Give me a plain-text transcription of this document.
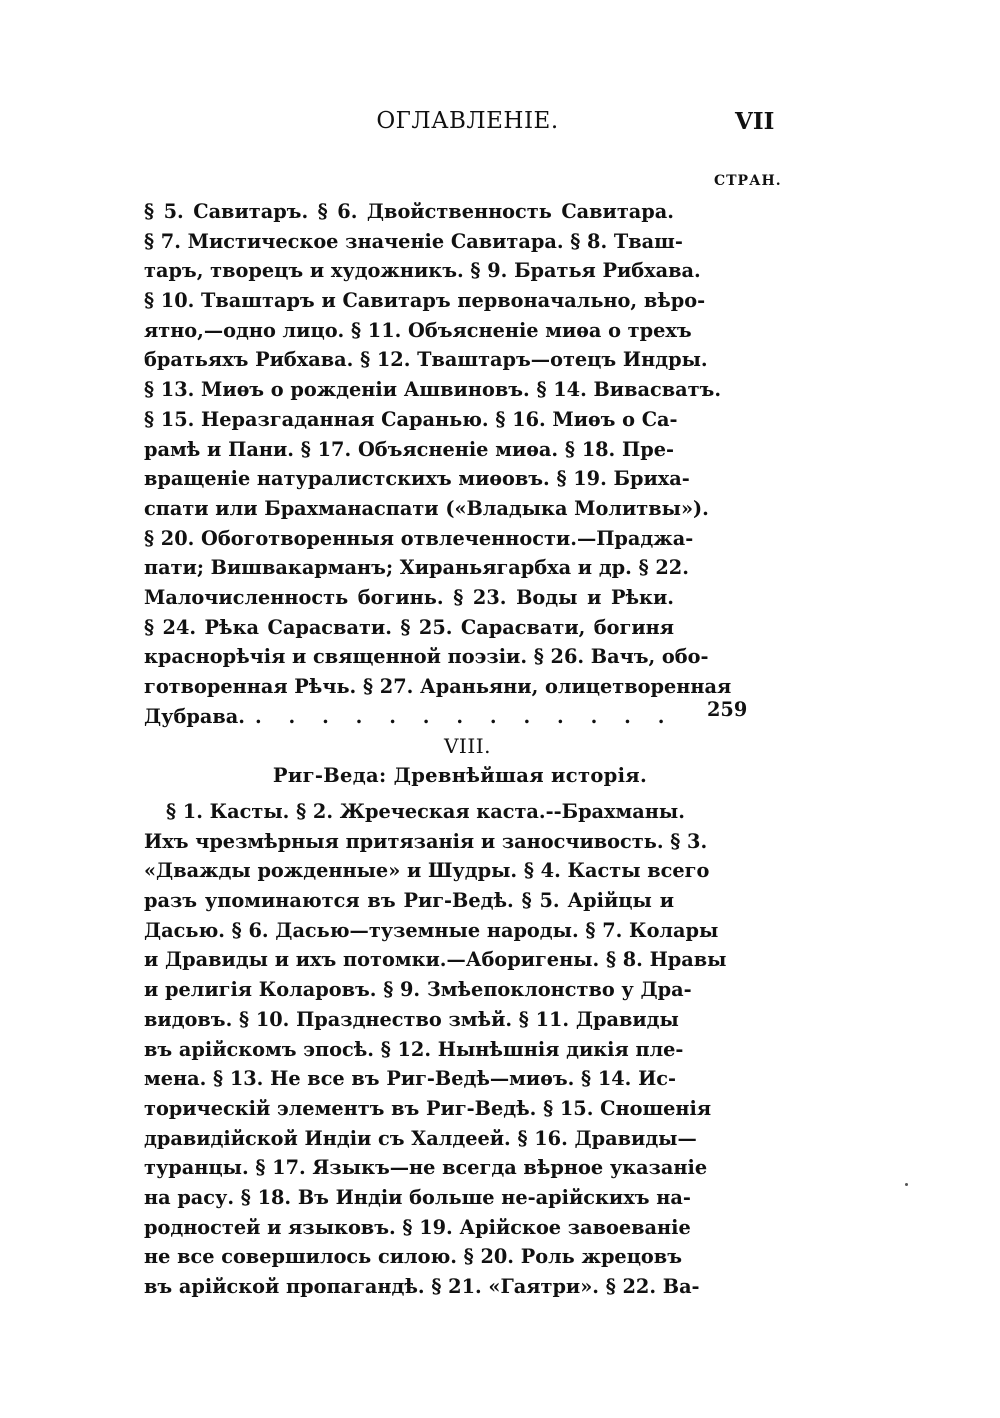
ОГЛАВЛЕНIЕ.	VII
СТРАН.
§ 5. Савитаръ. § 6. Двойственность Савитара.
§ 7. Мистическое значенiе Савитара. § 8. Тваш-
таръ, творецъ и художникъ. § 9. Братья Рибхава.
§ 10. Тваштаръ и Савитаръ первоначально, вѣро-
ятно,—одно лицо. § 11. Объясненiе миѳа о трехъ
братьяхъ Рибхава. § 12. Тваштаръ—отецъ Индры.
§ 13. Миѳъ о рожденiи Ашвиновъ. § 14. Вивасватъ.
§ 15. Неразгаданная Саранью. § 16. Миѳъ о Са-
рамѣ и Пани. § 17. Объясненiе миѳа. § 18. Пре-
вращенiе натуралистскихъ миѳовъ. § 19. Бриха-
спати или Брахманаспати («Владыка Молитвы»).
§ 20. Обоготворенныя отвлеченности.—Праджа-
пати; Вишвакарманъ; Хираньягарбха и др. § 22.
Малочисленность богинь. § 23. Воды и Рѣки.
§ 24. Рѣка Сарасвати. § 25. Сарасвати, богиня
краснорѣчiя и священной поэзiи. § 26. Вачъ, обо-
готворенная Рѣчь. § 27. Араньяни, олицетворенная
Дубрава.
.	259
VIII.
Риг-Веда: Древнѣйшая исторiя.
§ 1. Касты. § 2. Жреческая каста.--Брахманы.
Ихъ чрезмѣрныя притязанiя и заносчивость. § 3.
«Дважды рожденные» и Шудры. § 4. Касты всего
разъ упоминаются въ Риг-Ведѣ. § 5. Арiйцы и
Дасью. § 6. Дасью—туземные народы. § 7. Колары
и Дравиды и ихъ потомки.—Аборигены. § 8. Нравы
и религiя Коларовъ. § 9. Змѣепоклонство у Дра-
видовъ. § 10. Празднество змѣй. § 11. Дравиды
въ арiйскомъ эпосѣ. § 12. Нынѣшнiя дикiя пле-
мена. § 13. Не все въ Риг-Ведѣ—миѳъ. § 14. Ис-
торическiй элементъ въ Риг-Ведѣ. § 15. Сношенiя
дравидiйской Индiи съ Халдеей. § 16. Дравиды—
туранцы. § 17. Языкъ—не всегда вѣрное указанiе
на расу. § 18. Въ Индiи больше не-арiйскихъ на-
родностей и языковъ. § 19. Арiйское завоеванiе
не все совершилось силою. § 20. Роль жрецовъ
въ арiйской пропагандѣ. § 21. «Гаятри». § 22. Ва-
